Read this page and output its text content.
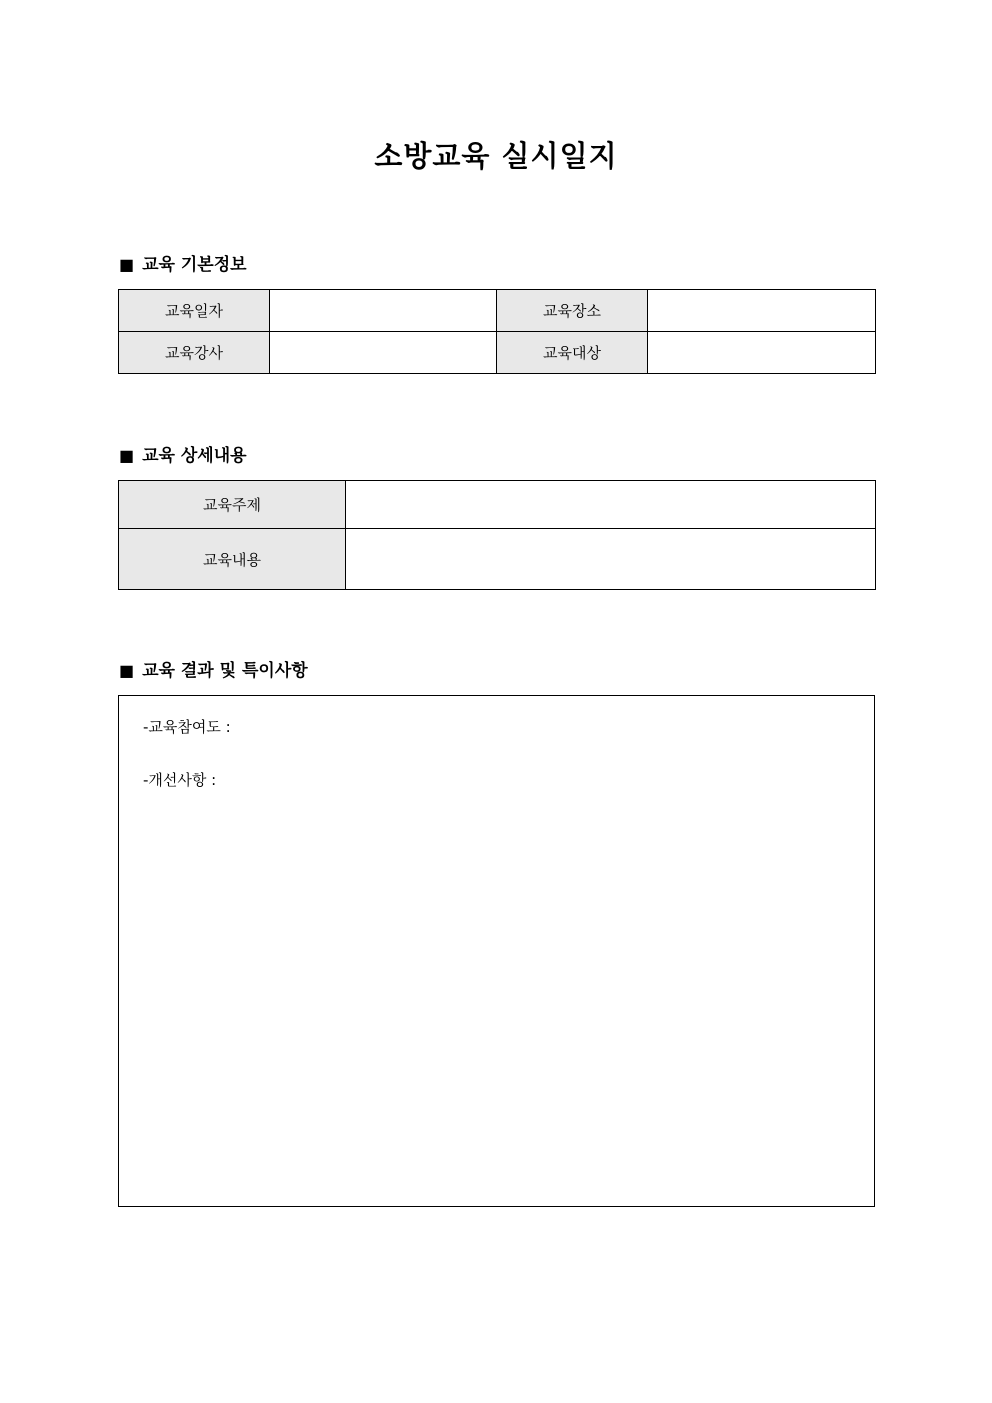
소방교육 실시일지
■ 교육 기본정보
교육일자		교육장소	
교육강사		교육대상	
■ 교육 상세내용
교육주제	
교육내용	
■ 교육 결과 및 특이사항
-교육참여도 :
-개선사항 :
